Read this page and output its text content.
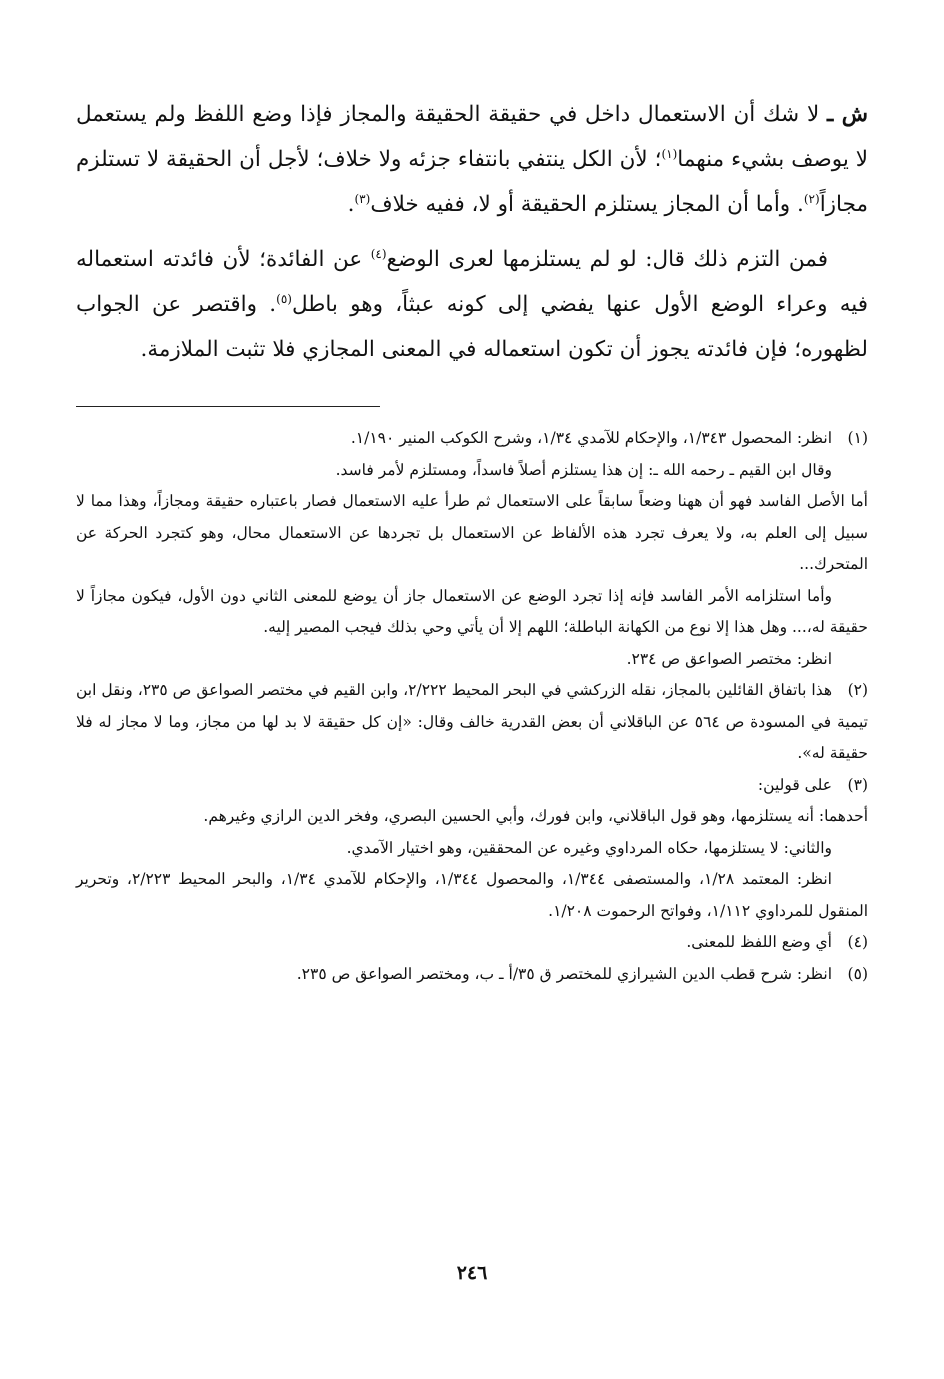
ش ـ لا شك أن الاستعمال داخل في حقيقة الحقيقة والمجاز فإذا وضع اللفظ ولم يستعمل لا يوصف بشيء منهما$^{(١)}$؛ لأن الكل ينتفي بانتفاء جزئه ولا خلاف؛ لأجل أن الحقيقة لا تستلزم مجازاً$^{(٢)}$. وأما أن المجاز يستلزم الحقيقة أو لا، ففيه خلاف$^{(٣)}$.

فمن التزم ذلك قال: لو لم يستلزمها لعرى الوضع$^{(٤)}$ عن الفائدة؛ لأن فائدته استعماله فيه وعراء الوضع الأول عنها يفضي إلى كونه عبثاً، وهو باطل$^{(٥)}$. واقتصر عن الجواب لظهوره؛ فإن فائدته يجوز أن تكون استعماله في المعنى المجازي فلا تثبت الملازمة.

(١)انظر: المحصول ١/٣٤٣، والإحكام للآمدي ١/٣٤، وشرح الكوكب المنير ١/١٩٠.

وقال ابن القيم ـ رحمه الله ـ: إن هذا يستلزم أصلاً فاسداً، ومستلزم لأمر فاسد.

أما الأصل الفاسد فهو أن ههنا وضعاً سابقاً على الاستعمال ثم طرأ عليه الاستعمال فصار باعتباره حقيقة ومجازاً، وهذا مما لا سبيل إلى العلم به، ولا يعرف تجرد هذه الألفاظ عن الاستعمال بل تجردها عن الاستعمال محال، وهو كتجرد الحركة عن المتحرك...

وأما استلزامه الأمر الفاسد فإنه إذا تجرد الوضع عن الاستعمال جاز أن يوضع للمعنى الثاني دون الأول، فيكون مجازاً لا حقيقة له،... وهل هذا إلا نوع من الكهانة الباطلة؛ اللهم إلا أن يأتي وحي بذلك فيجب المصير إليه.

انظر: مختصر الصواعق ص ٢٣٤.

(٢)هذا باتفاق القائلين بالمجاز، نقله الزركشي في البحر المحيط ٢/٢٢٢، وابن القيم في مختصر الصواعق ص ٢٣٥، ونقل ابن تيمية في المسودة ص ٥٦٤ عن الباقلاني أن بعض القدرية خالف وقال: «إن كل حقيقة لا بد لها من مجاز، وما لا مجاز له فلا حقيقة له».

(٣)على قولين:

أحدهما: أنه يستلزمها، وهو قول الباقلاني، وابن فورك، وأبي الحسين البصري، وفخر الدين الرازي وغيرهم.

والثاني: لا يستلزمها، حكاه المرداوي وغيره عن المحققين، وهو اختيار الآمدي.

انظر: المعتمد ١/٢٨، والمستصفى ١/٣٤٤، والمحصول ١/٣٤٤، والإحكام للآمدي ١/٣٤، والبحر المحيط ٢/٢٢٣، وتحرير المنقول للمرداوي ١/١١٢، وفواتح الرحموت ١/٢٠٨.

(٤)أي وضع اللفظ للمعنى.

(٥)انظر: شرح قطب الدين الشيرازي للمختصر ق ٣٥/أ ـ ب، ومختصر الصواعق ص ٢٣٥.

٢٤٦
